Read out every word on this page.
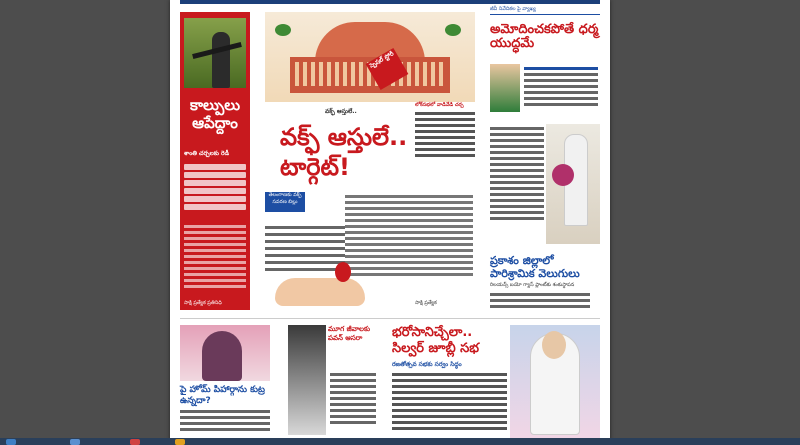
కాల్పులు ఆపేద్దాం
శాంతి చర్చలకు రెడీ
సాక్షి ప్రత్యేక ప్రతినిధి
స్పెషల్ స్టోరీ
వక్ఫ్ ఆస్తులే..
వక్ఫ్ ఆస్తులే..
టార్గెట్!
లోక్‌సభలో వాడివేడి చర్చ
తెలంగాణకు వక్ఫ్ సవరణ బిల్లు
సాక్షి ప్రత్యేక
జీవీ నివేదికల పై వ్యాఖ్య
అమోదించకపోతే ధర్మ యుద్ధమే
ప్రకాశం జిల్లాలో పారిశ్రామిక వెలుగులు
రిలయన్స్ బయో గ్యాస్ ప్లాంట్‌కు శంకుస్థాపన
పై హోమ్ పిహార్గాను కుట్ర ఉన్నదా?
మూగ జీవాలకు పవన్ ఆసరా	భరోసానిచ్చేలా.. సిల్వర్ జూబ్లీ సభ
రజతోత్సవ సభకు సర్వం సిద్ధం
